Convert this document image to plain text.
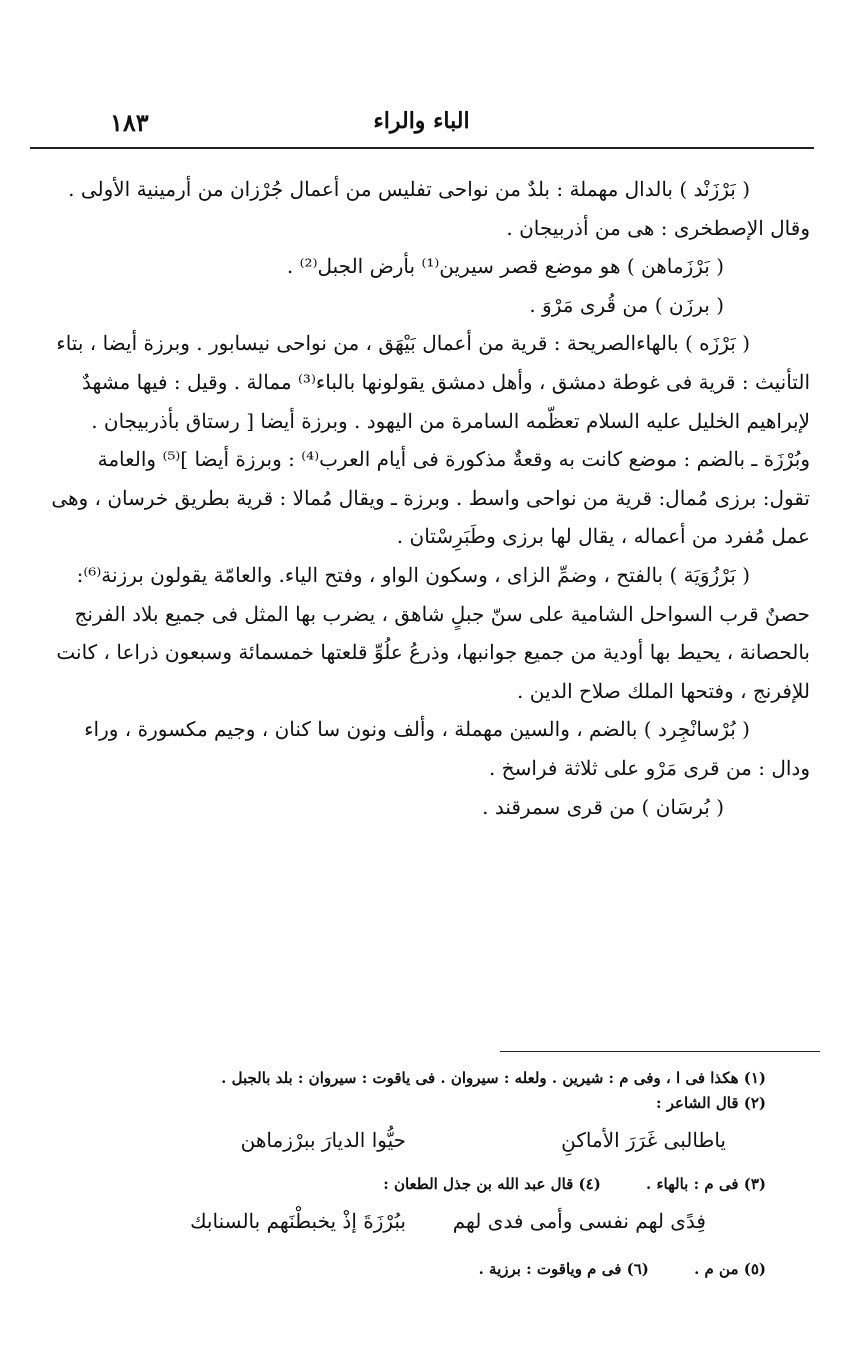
الباء والراء
١٨٣

( بَرْزَنْد ) بالدال مهملة : بلدٌ من نواحى تفليس من أعمال جُرْزان من أرمينية الأولى .

وقال الإصطخرى : هى من أذربيجان .

( بَرْزَماهن ) هو موضع قصر سيرين⁽¹⁾ بأرض الجبل⁽²⁾ .

( برزَن ) من قُرى مَرْوَ .

( بَرْزَه ) بالهاءالصريحة : قرية من أعمال بَيْهَق ، من نواحى نيسابور . وبرزة أيضا ، بتاء

التأنيث : قرية فى غوطة دمشق ، وأهل دمشق يقولونها بالباء⁽³⁾ ممالة . وقيل : فيها مشهدٌ

لإبراهيم الخليل عليه السلام تعظّمه السامرة من اليهود . وبرزة أيضا [ رستاق بأذربيجان .

وبُرْزَة ـ بالضم : موضع كانت به وقعةٌ مذكورة فى أيام العرب⁽⁴⁾ : وبرزة أيضا ]⁽⁵⁾ والعامة

تقول: برزى مُمال: قرية من نواحى واسط . وبرزة ـ ويقال مُمالا : قرية بطريق خرسان ، وهى

عمل مُفرد من أعماله ، يقال لها برزى وطَبَرِسْتان .

( بَرْزُوَيَة ) بالفتح ، وضمِّ الزاى ، وسكون الواو ، وفتح الياء. والعامّة يقولون برزنة⁽⁶⁾:

حصنٌ قرب السواحل الشامية على سنّ جبلٍ شاهق ، يضرب بها المثل فى جميع بلاد الفرنج

بالحصانة ، يحيط بها أودية من جميع جوانبها، وذرعُ علُوِّ قلعتها خمسمائة وسبعون ذراعا ، كانت

للإفرنج ، وفتحها الملك صلاح الدين .

( بُرْسانْجِرد ) بالضم ، والسين مهملة ، وألف ونون سا كنان ، وجيم مكسورة ، وراء

ودال : من قرى مَرْو على ثلاثة فراسخ .

( بُرسَان ) من قرى سمرقند .

(١) هكذا فى ا ، وفى م : شيرين . ولعله : سيروان . فى ياقوت : سيروان : بلد بالجبل .

(٢) قال الشاعر :

ياطالبى غَرَرَ الأماكنِ
حيُّوا الديارَ ببرْزماهن

(٣) فى م : بالهاء . (٤) قال عبد الله بن جذل الطعان :

فِدًى لهم نفسى وأمى فدى لهم
ببُرْزَةَ إذْ يخبطْنَهم بالسنابك

(٥) من م . (٦) فى م وياقوت : برزية .
